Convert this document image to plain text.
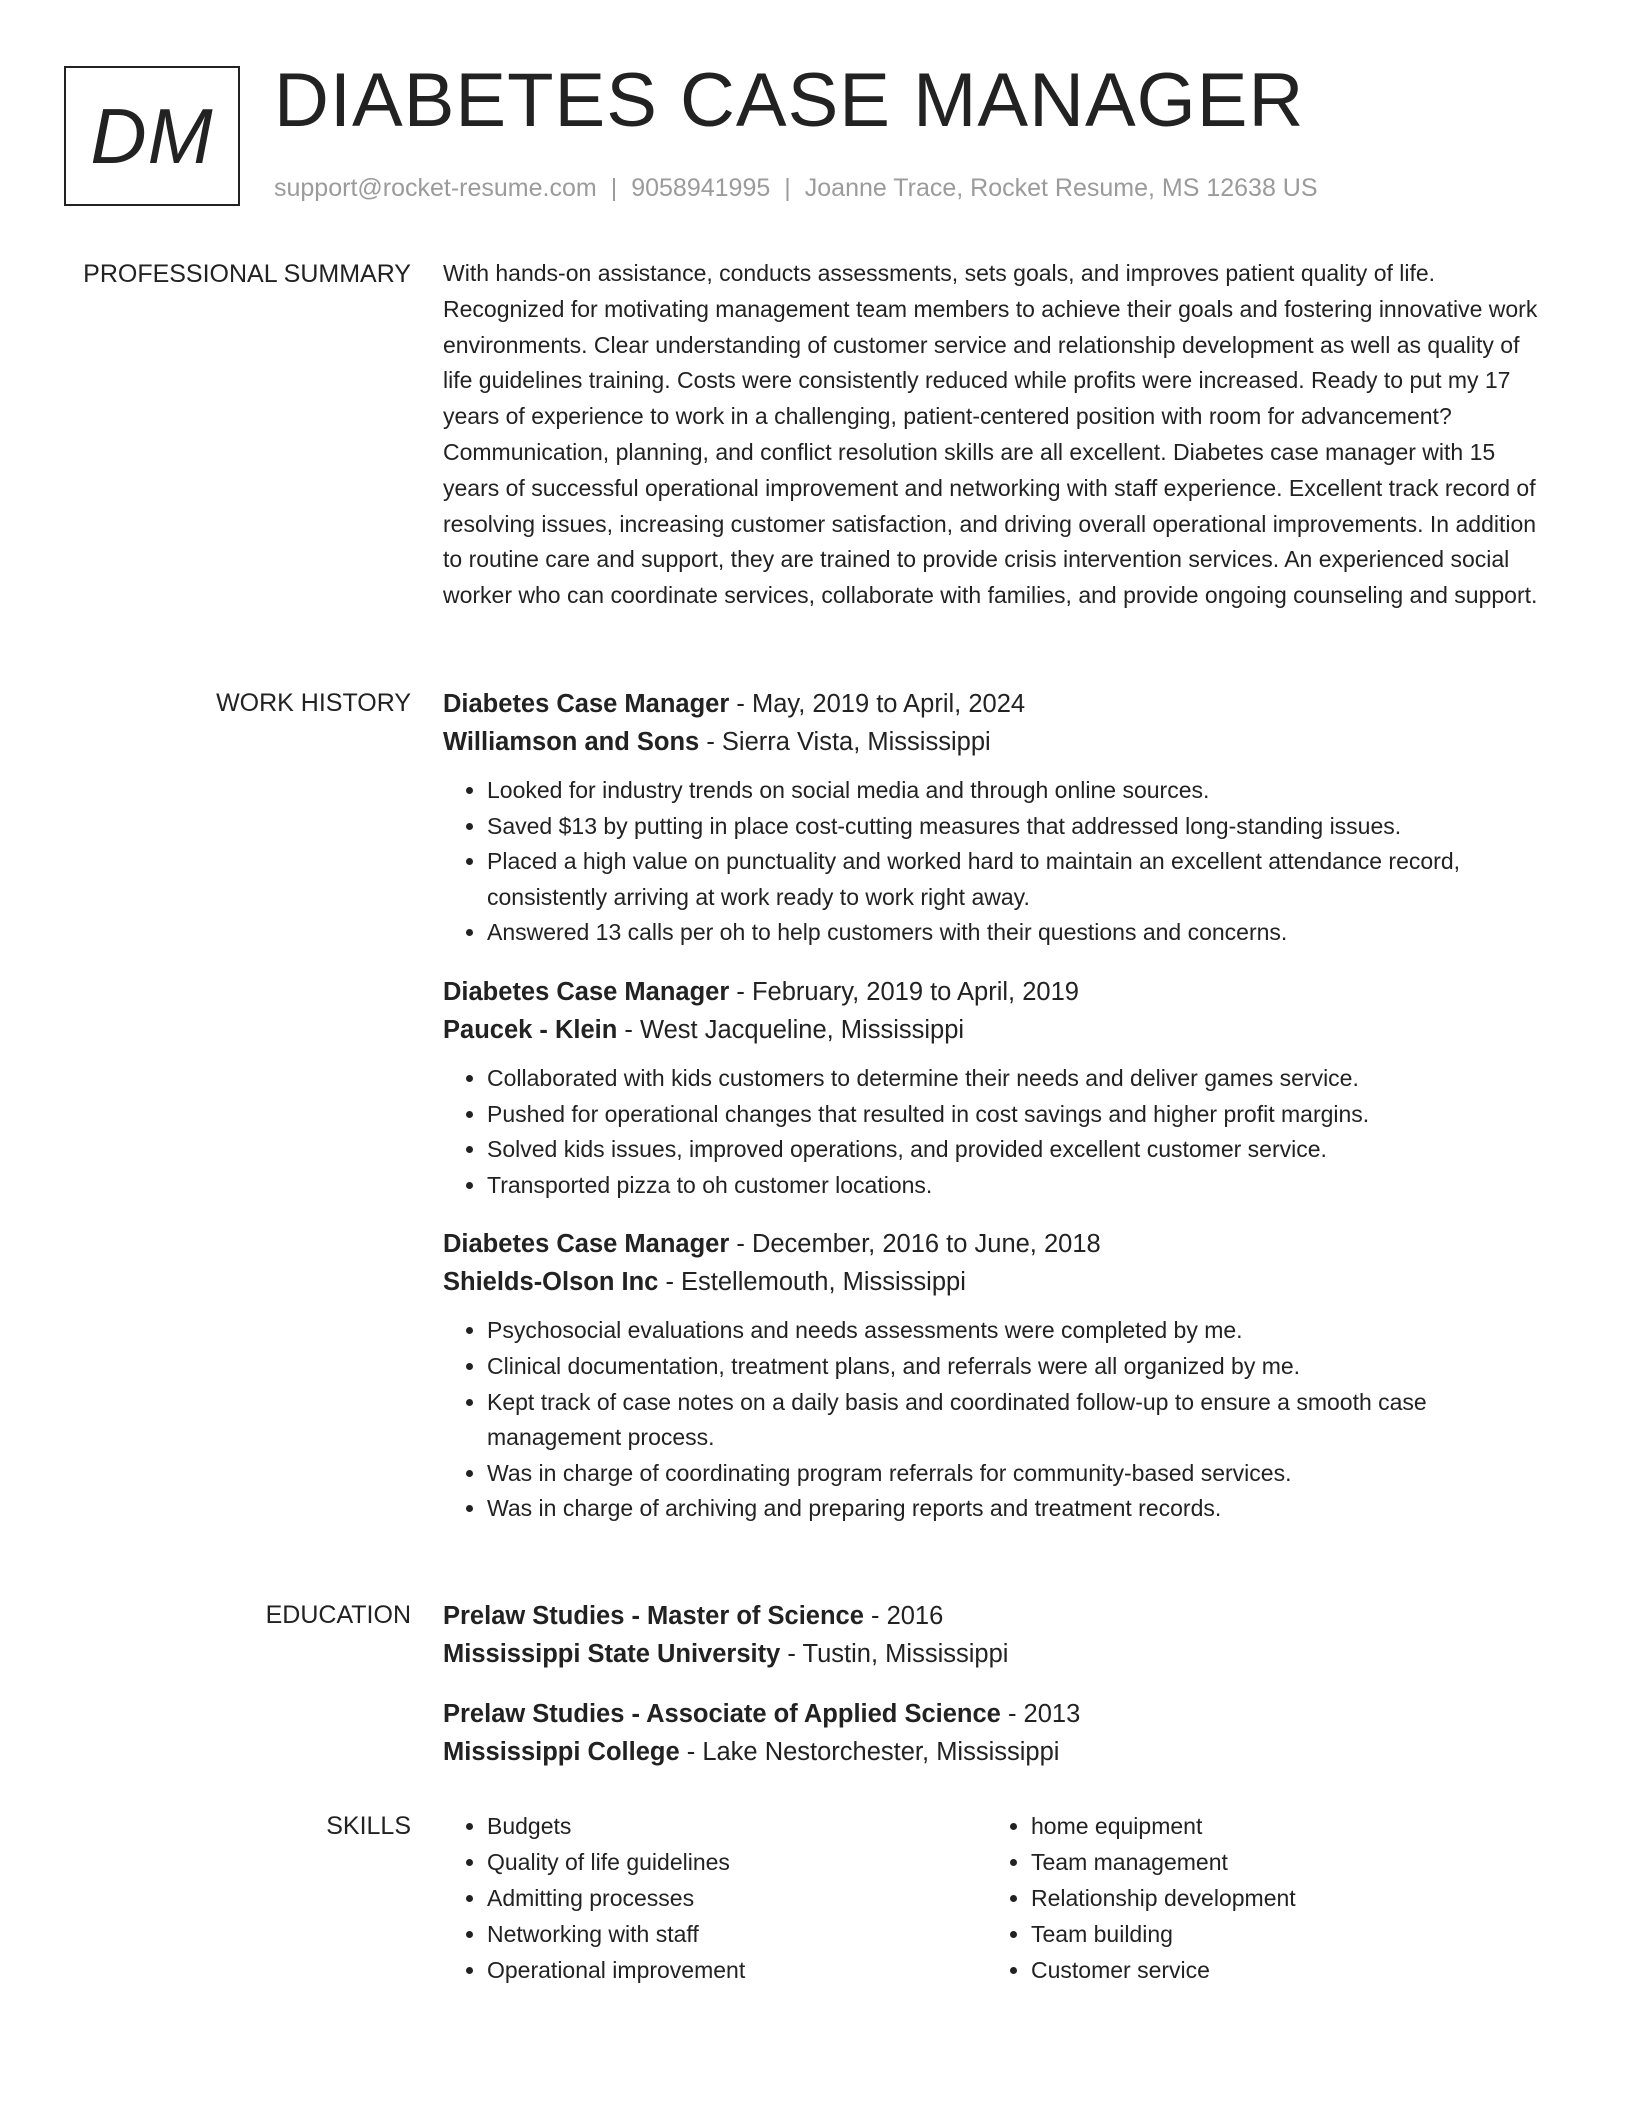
DM DIABETES CASE MANAGER
support@rocket-resume.com | 9058941995 | Joanne Trace, Rocket Resume, MS 12638 US
PROFESSIONAL SUMMARY With hands-on assistance, conducts assessments, sets goals, and improves patient quality of life. Recognized for motivating management team members to achieve their goals and fostering innovative work environments. Clear understanding of customer service and relationship development as well as quality of life guidelines training. Costs were consistently reduced while profits were increased. Ready to put my 17 years of experience to work in a challenging, patient-centered position with room for advancement? Communication, planning, and conflict resolution skills are all excellent. Diabetes case manager with 15 years of successful operational improvement and networking with staff experience. Excellent track record of resolving issues, increasing customer satisfaction, and driving overall operational improvements. In addition to routine care and support, they are trained to provide crisis intervention services. An experienced social worker who can coordinate services, collaborate with families, and provide ongoing counseling and support.

WORK HISTORY Diabetes Case Manager - May, 2019 to April, 2024
Williamson and Sons - Sierra Vista, Mississippi
• Looked for industry trends on social media and through online sources.
• Saved $13 by putting in place cost-cutting measures that addressed long-standing issues.
• Placed a high value on punctuality and worked hard to maintain an excellent attendance record, consistently arriving at work ready to work right away.
• Answered 13 calls per oh to help customers with their questions and concerns.
Diabetes Case Manager - February, 2019 to April, 2019
Paucek - Klein - West Jacqueline, Mississippi
• Collaborated with kids customers to determine their needs and deliver games service.
• Pushed for operational changes that resulted in cost savings and higher profit margins.
• Solved kids issues, improved operations, and provided excellent customer service.
• Transported pizza to oh customer locations.
Diabetes Case Manager - December, 2016 to June, 2018
Shields-Olson Inc - Estellemouth, Mississippi
• Psychosocial evaluations and needs assessments were completed by me.
• Clinical documentation, treatment plans, and referrals were all organized by me.
• Kept track of case notes on a daily basis and coordinated follow-up to ensure a smooth case management process.
• Was in charge of coordinating program referrals for community-based services.
• Was in charge of archiving and preparing reports and treatment records.
EDUCATION Prelaw Studies - Master of Science - 2016
Mississippi State University - Tustin, Mississippi
Prelaw Studies - Associate of Applied Science - 2013
Mississippi College - Lake Nestorchester, Mississippi
SKILLS
•	Budgets
• Quality of life guidelines
• Admitting processes
• Networking with staff
• Operational improvement
• home equipment
• Team management
• Relationship development
• Team building
• Customer service
